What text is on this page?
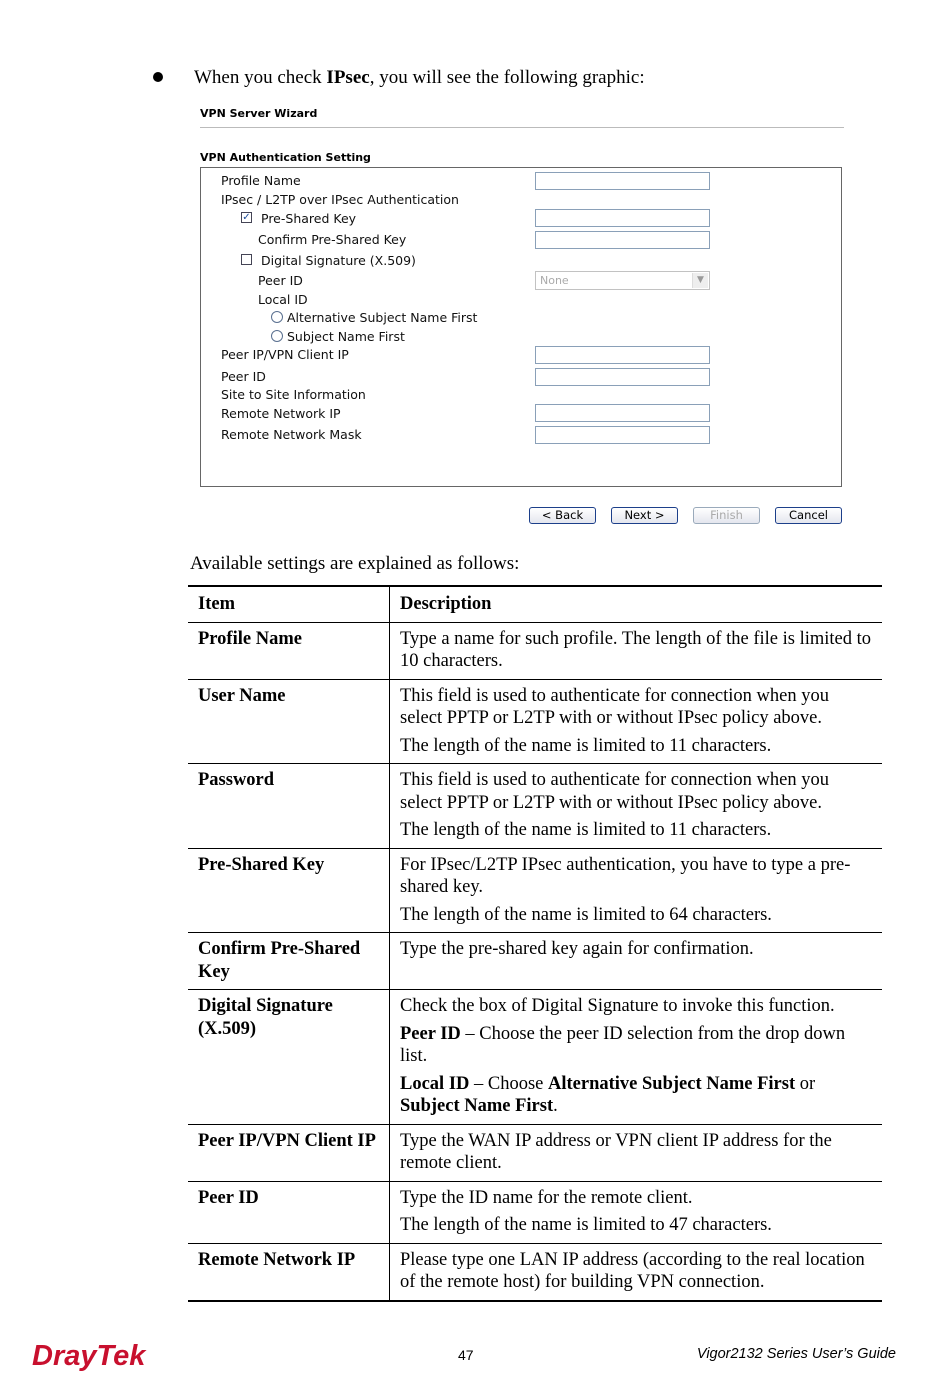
When you check IPsec, you will see the following graphic:
VPN Server Wizard
VPN Authentication Setting
Profile Name
IPsec / L2TP over IPsec Authentication
✓ Pre-Shared Key
Confirm Pre-Shared Key
Digital Signature (X.509)
Peer ID	None	▼
Local ID
Alternative Subject Name First
Subject Name First
Peer IP/VPN Client IP
Peer ID
Site to Site Information
Remote Network IP
Remote Network Mask
< Back	Next >	Finish	Cancel
Available settings are explained as follows:
Item	Description
Profile Name	Type a name for such profile. The length of the file is limited to 10 characters.

User Name	This field is used to authenticate for connection when you select PPTP or L2TP with or without IPsec policy above.

The length of the name is limited to 11 characters.

Password	This field is used to authenticate for connection when you select PPTP or L2TP with or without IPsec policy above.

The length of the name is limited to 11 characters.

Pre-Shared Key	For IPsec/L2TP IPsec authentication, you have to type a pre-shared key.

The length of the name is limited to 64 characters.

Confirm Pre-Shared Key	Type the pre-shared key again for confirmation.

Digital Signature (X.509)	Check the box of Digital Signature to invoke this function.

Peer ID – Choose the peer ID selection from the drop down list.

Local ID – Choose Alternative Subject Name First or Subject Name First.

Peer IP/VPN Client IP	Type the WAN IP address or VPN client IP address for the remote client.

Peer ID	Type the ID name for the remote client.

The length of the name is limited to 47 characters.

Remote Network IP	Please type one LAN IP address (according to the real location of the remote host) for building VPN connection.

DrayTek	47	Vigor2132 Series User’s Guide
